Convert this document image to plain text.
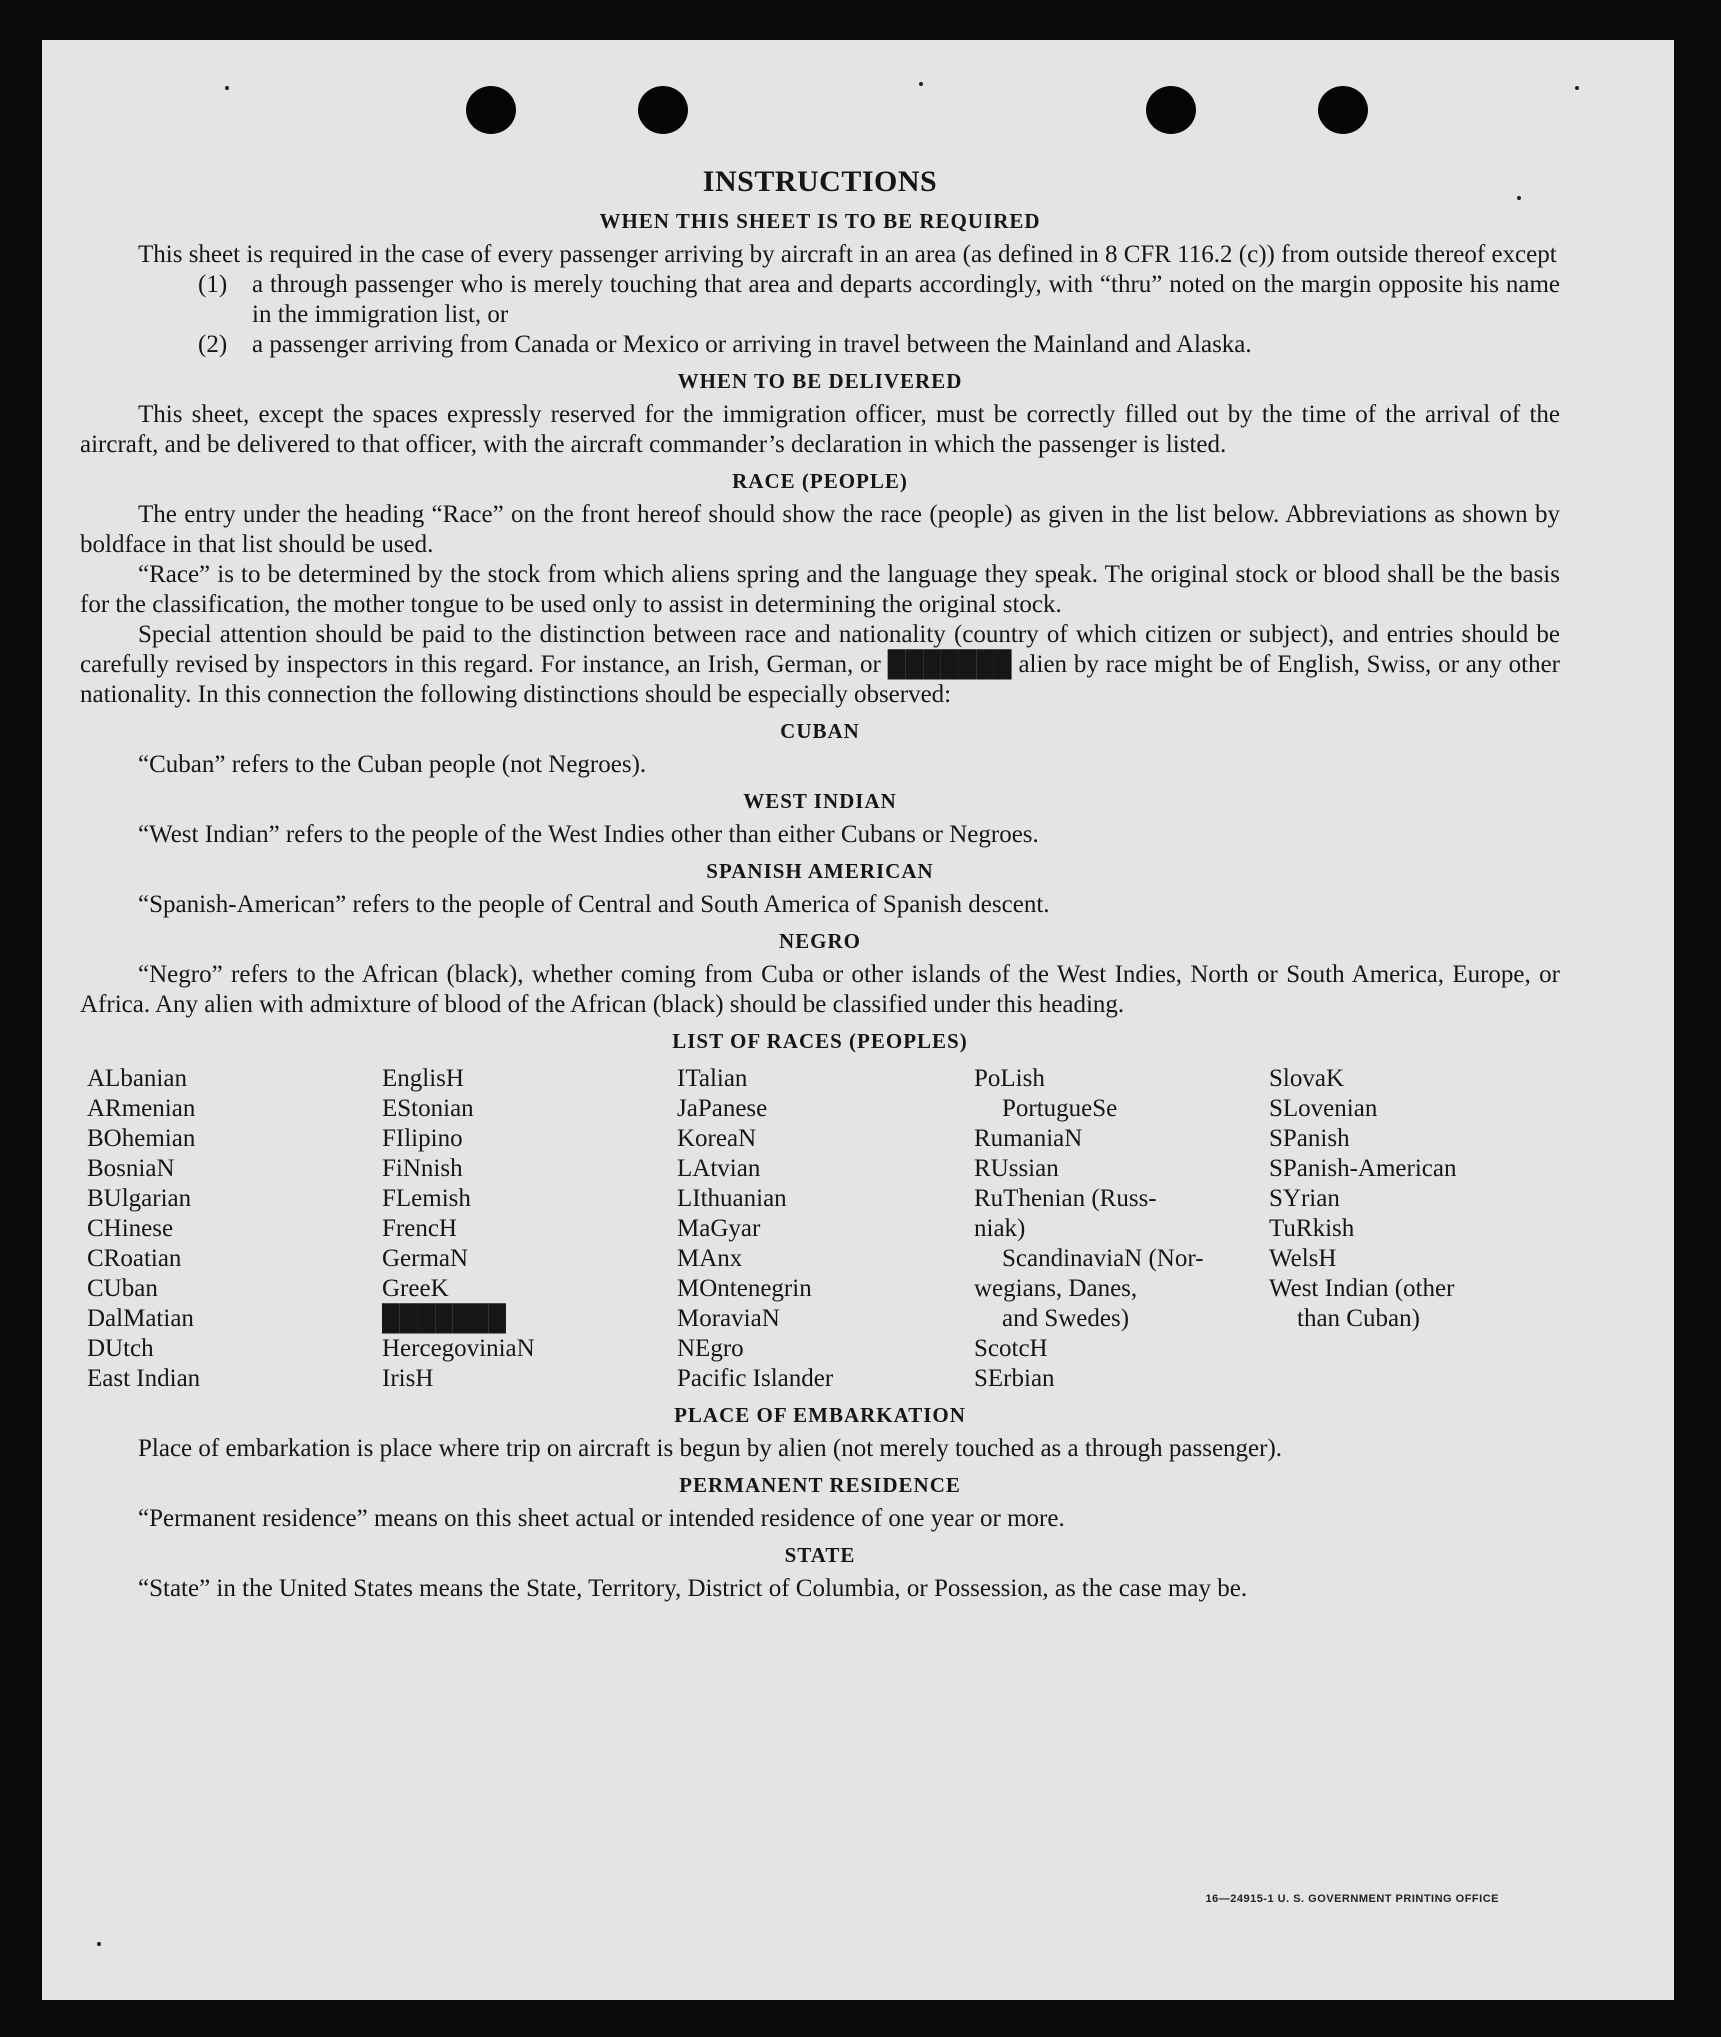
INSTRUCTIONS
WHEN THIS SHEET IS TO BE REQUIRED

This sheet is required in the case of every passenger arriving by aircraft in an area (as defined in 8 CFR 116.2 (c)) from outside thereof except

(1) a through passenger who is merely touching that area and departs accordingly, with “thru” noted on the margin opposite his name in the immigration list, or
(2) a passenger arriving from Canada or Mexico or arriving in travel between the Mainland and Alaska.
WHEN TO BE DELIVERED

This sheet, except the spaces expressly reserved for the immigration officer, must be correctly filled out by the time of the arrival of the aircraft, and be delivered to that officer, with the aircraft commander’s declaration in which the passenger is listed.

RACE (PEOPLE)

The entry under the heading “Race” on the front hereof should show the race (people) as given in the list below. Abbreviations as shown by boldface in that list should be used.

“Race” is to be determined by the stock from which aliens spring and the language they speak. The original stock or blood shall be the basis for the classification, the mother tongue to be used only to assist in determining the original stock.

Special attention should be paid to the distinction between race and nationality (country of which citizen or subject), and entries should be carefully revised by inspectors in this regard. For instance, an Irish, German, or ███████ alien by race might be of English, Swiss, or any other nationality. In this connection the following distinctions should be especially observed:

CUBAN

“Cuban” refers to the Cuban people (not Negroes).

WEST INDIAN

“West Indian” refers to the people of the West Indies other than either Cubans or Negroes.

SPANISH AMERICAN

“Spanish-American” refers to the people of Central and South America of Spanish descent.

NEGRO

“Negro” refers to the African (black), whether coming from Cuba or other islands of the West Indies, North or South America, Europe, or Africa. Any alien with admixture of blood of the African (black) should be classified under this heading.

LIST OF RACES (PEOPLES)
ALbanian
ARmenian
BOhemian
BosniaN
BUlgarian
CHinese
CRoatian
CUban
DalMatian
DUtch
East Indian
EnglisH
EStonian
FIlipino
FiNnish
FLemish
FrencH
GermaN
GreeK
███████
HercegoviniaN
IrisH
ITalian
JaPanese
KoreaN
LAtvian
LIthuanian
MaGyar
MAnx
MOntenegrin
MoraviaN
NEgro
Pacific Islander
PoLish
PortugueSe
RumaniaN
RUssian
RuThenian (Russ-
niak)
ScandinaviaN (Nor-
wegians, Danes,
and Swedes)
ScotcH
SErbian
SlovaK
SLovenian
SPanish
SPanish-American
SYrian
TuRkish
WelsH
West Indian (other
than Cuban)
PLACE OF EMBARKATION

Place of embarkation is place where trip on aircraft is begun by alien (not merely touched as a through passenger).

PERMANENT RESIDENCE

“Permanent residence” means on this sheet actual or intended residence of one year or more.

STATE

“State” in the United States means the State, Territory, District of Columbia, or Possession, as the case may be.

16—24915-1 U. S. GOVERNMENT PRINTING OFFICE
